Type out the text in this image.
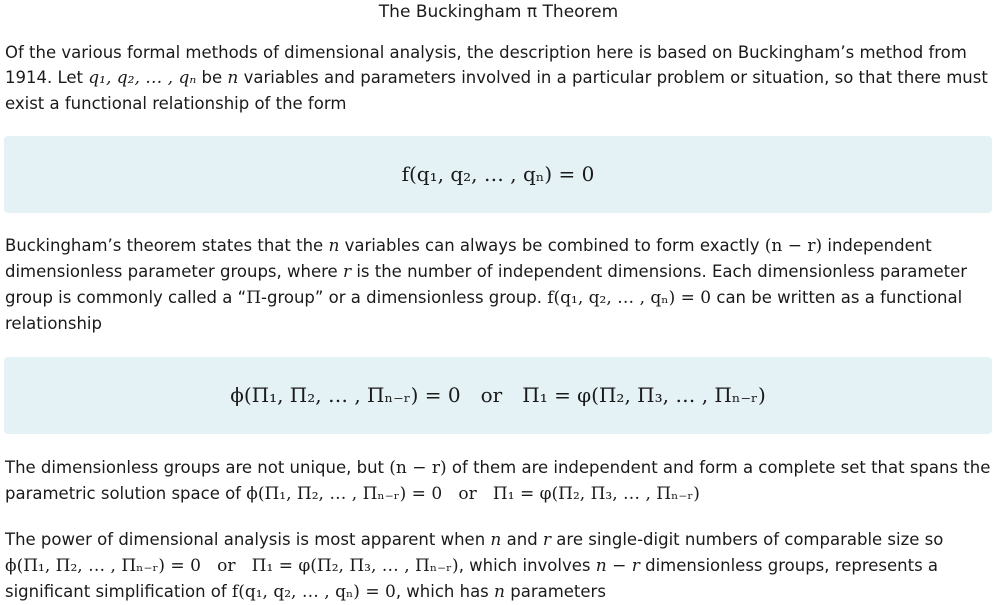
The Buckingham π Theorem

Of the various formal methods of dimensional analysis, the description here is based on Buckingham’s method from 1914. Let q₁, q₂, … , qₙ be n variables and parameters involved in a particular problem or situation, so that there must exist a functional relationship of the form

f(q₁, q₂, … , qₙ) = 0

Buckingham’s theorem states that the n variables can always be combined to form exactly (n − r) independent dimensionless parameter groups, where r is the number of independent dimensions. Each dimensionless parameter group is commonly called a “Π-group” or a dimensionless group. f(q₁, q₂, … , qₙ) = 0 can be written as a functional relationship

ϕ(Π₁, Π₂, … , Πₙ₋ᵣ) = 0 or Π₁ = φ(Π₂, Π₃, … , Πₙ₋ᵣ)

The dimensionless groups are not unique, but (n − r) of them are independent and form a complete set that spans the parametric solution space of ϕ(Π₁, Π₂, … , Πₙ₋ᵣ) = 0   or   Π₁ = φ(Π₂, Π₃, … , Πₙ₋ᵣ)

The power of dimensional analysis is most apparent when n and r are single-digit numbers of comparable size so ϕ(Π₁, Π₂, … , Πₙ₋ᵣ) = 0   or   Π₁ = φ(Π₂, Π₃, … , Πₙ₋ᵣ), which involves n − r dimensionless groups, represents a significant simplification of f(q₁, q₂, … , qₙ) = 0, which has n parameters
